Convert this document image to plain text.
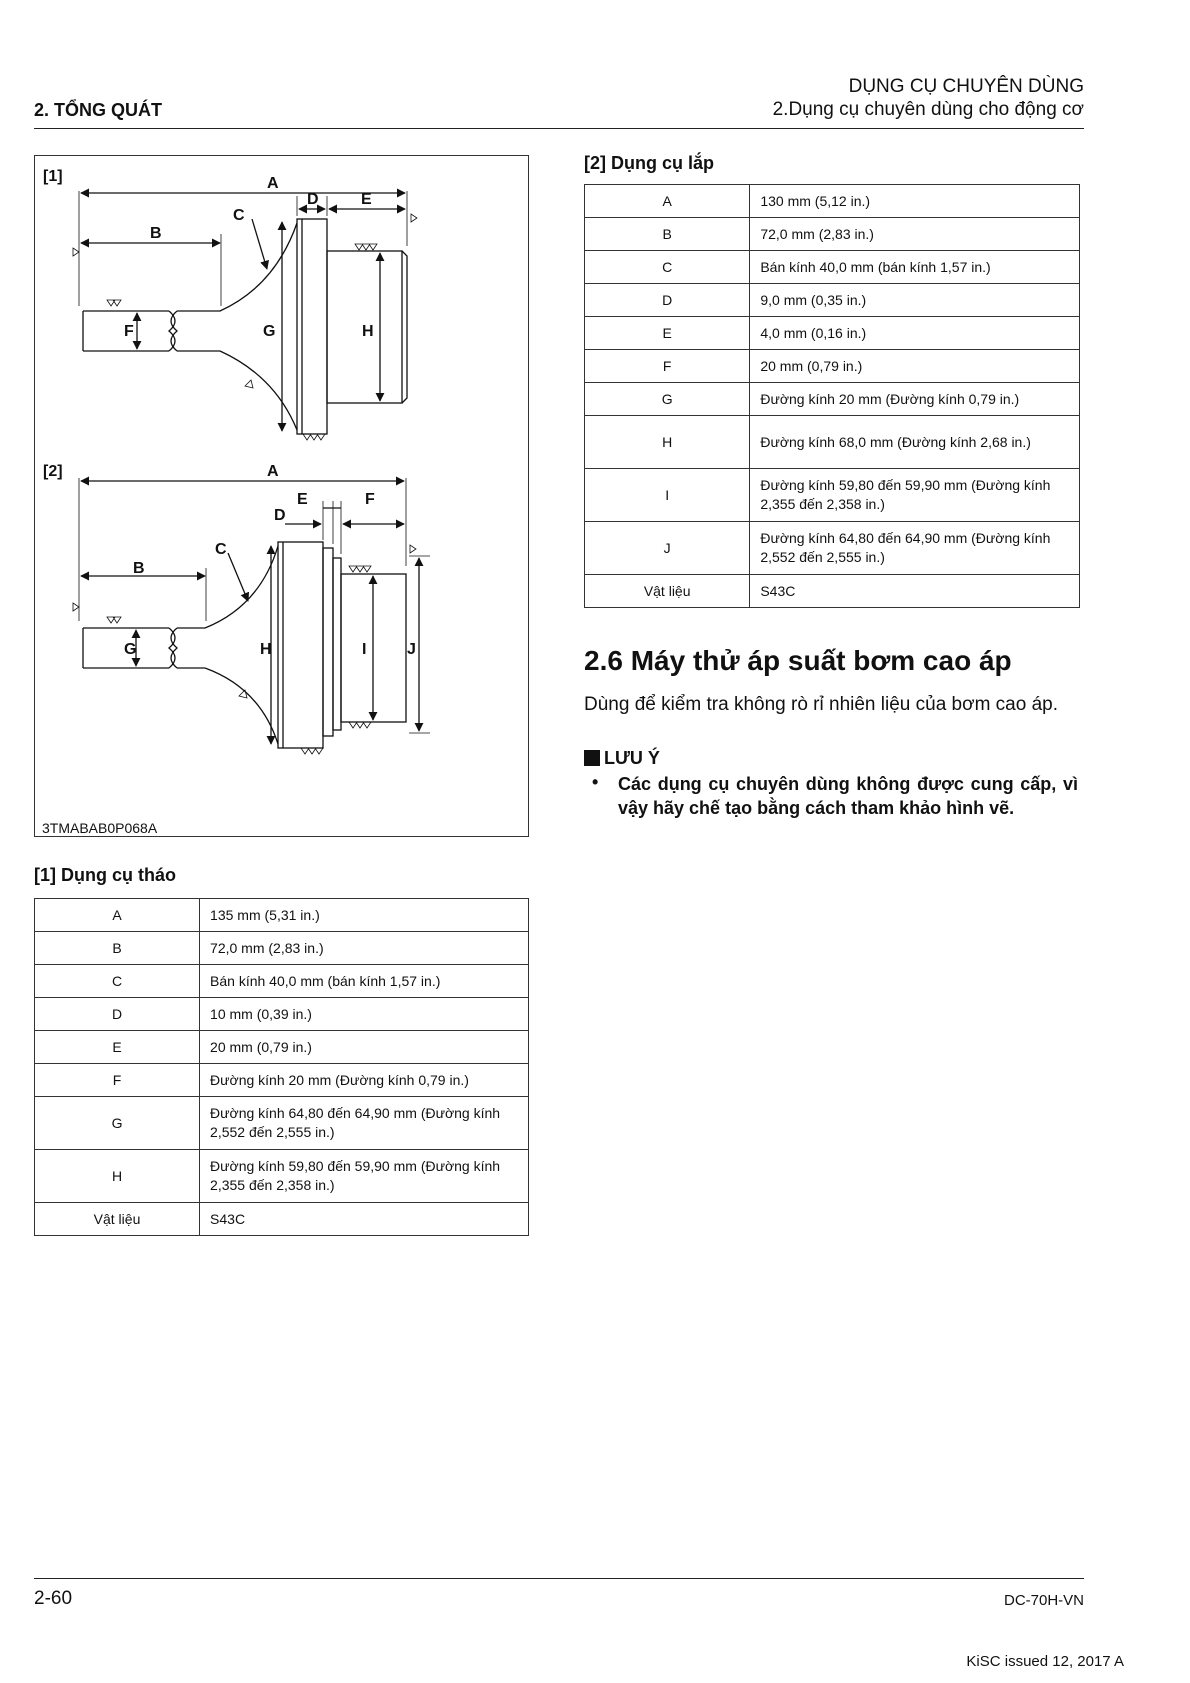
2. TỔNG QUÁT
DỤNG CỤ CHUYÊN DÙNG
2.Dụng cụ chuyên dùng cho động cơ
[1]	A
B
C
D	E
F	G	H
[2]	A
B
C
D
E	F
G	H	I	J
3TMABAB0P068A
[1] Dụng cụ tháo
A	135 mm (5,31 in.)
B	72,0 mm (2,83 in.)
C	Bán kính 40,0 mm (bán kính 1,57 in.)
D	10 mm (0,39 in.)
E	20 mm (0,79 in.)
F	Đường kính 20 mm (Đường kính 0,79 in.)
G	Đường kính 64,80 đến 64,90 mm (Đường kính 2,552 đến 2,555 in.)
H	Đường kính 59,80 đến 59,90 mm (Đường kính 2,355 đến 2,358 in.)
Vật liệu	S43C
[2] Dụng cụ lắp
A	130 mm (5,12 in.)
B	72,0 mm (2,83 in.)
C	Bán kính 40,0 mm (bán kính 1,57 in.)
D	9,0 mm (0,35 in.)
E	4,0 mm (0,16 in.)
F	20 mm (0,79 in.)
G	Đường kính 20 mm (Đường kính 0,79 in.)
H	Đường kính 68,0 mm (Đường kính 2,68 in.)
I	Đường kính 59,80 đến 59,90 mm (Đường kính 2,355 đến 2,358 in.)
J	Đường kính 64,80 đến 64,90 mm (Đường kính 2,552 đến 2,555 in.)
Vật liệu	S43C
2.6 Máy thử áp suất bơm cao áp
Dùng để kiểm tra không rò rỉ nhiên liệu của bơm cao áp.
LƯU Ý
• Các dụng cụ chuyên dùng không được cung cấp, vì vậy hãy chế tạo bằng cách tham khảo hình vẽ.
2-60	DC-70H-VN
KiSC issued 12, 2017 A
